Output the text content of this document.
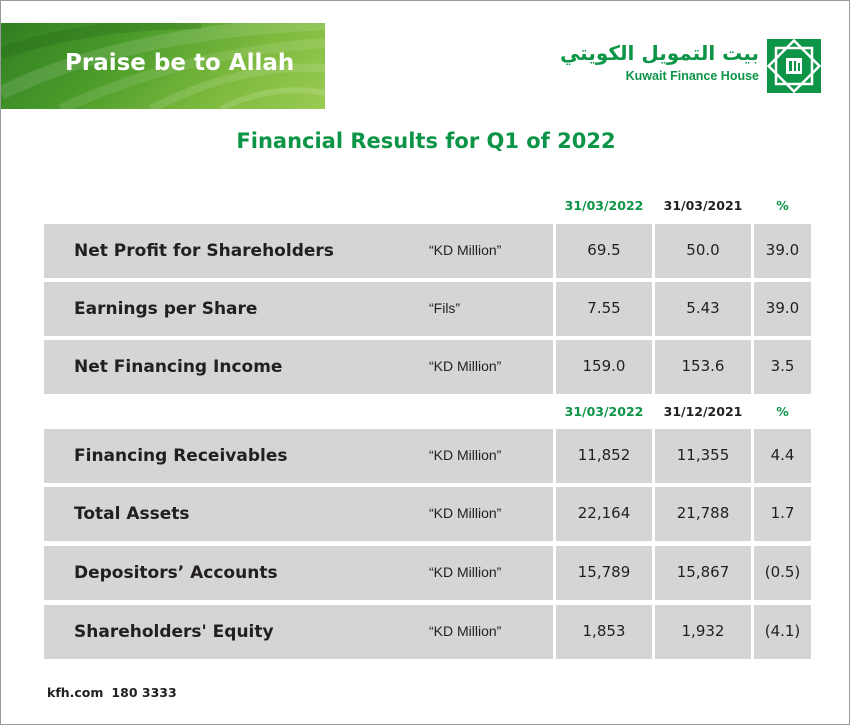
Praise be to Allah	بيت التمويل الكويتي
Kuwait Finance House
Financial Results for Q1 of 2022
31/03/2022	31/03/2021	%
Net Profit for Shareholders	“KD Million”	69.5	50.0	39.0
Earnings per Share	“Fils”	7.55	5.43	39.0
Net Financing Income	“KD Million”	159.0	153.6	3.5
31/03/2022	31/12/2021	%
Financing Receivables	“KD Million”	11,852	11,355	4.4
Total Assets	“KD Million”	22,164	21,788	1.7
Depositors’ Accounts	“KD Million”	15,789	15,867	(0.5)
Shareholders' Equity	“KD Million”	1,853	1,932	(4.1)
kfh.com 180 3333
